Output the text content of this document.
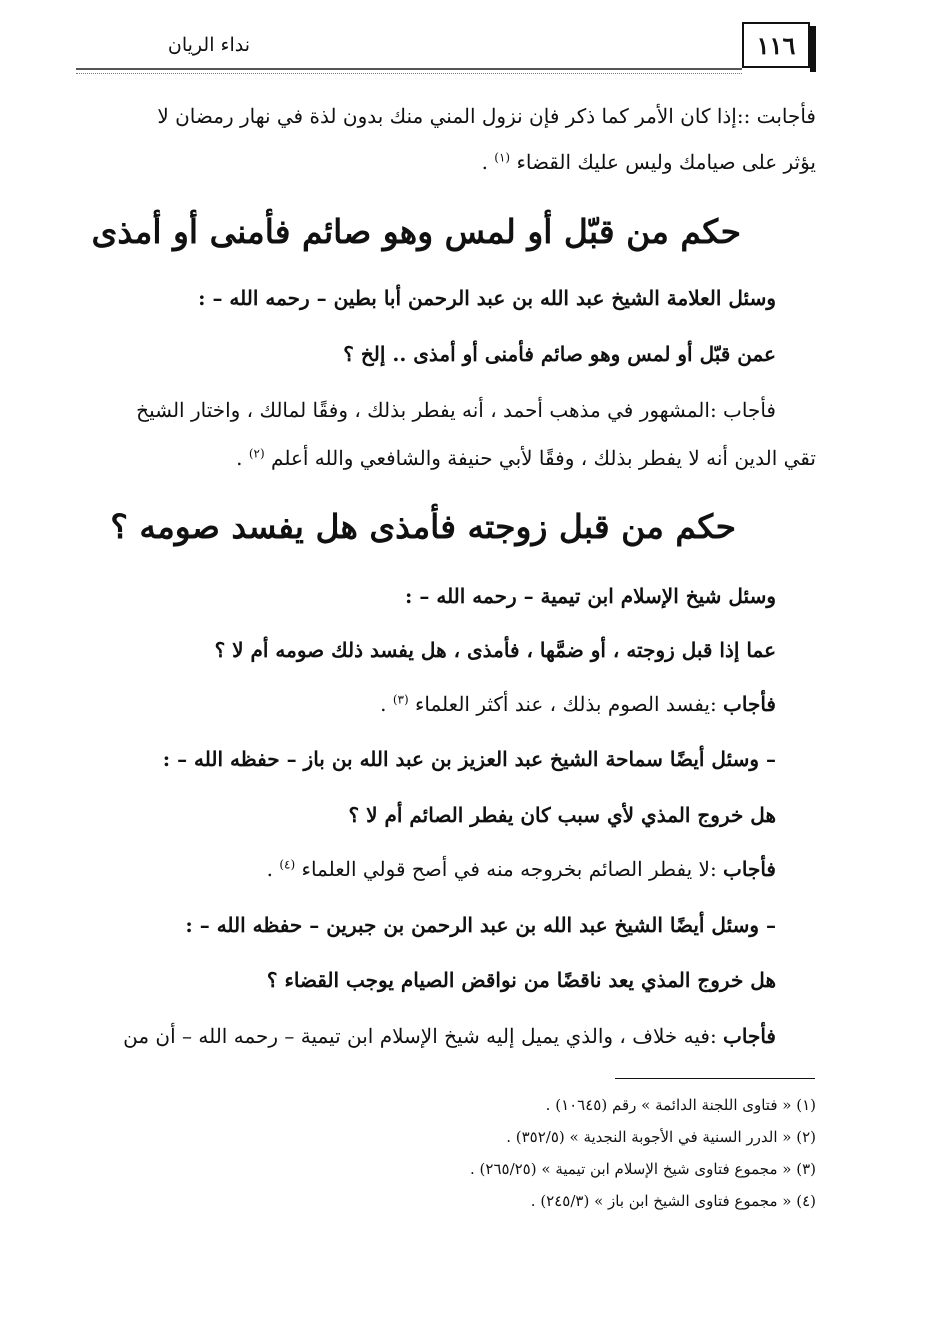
١١٦
نداء الريان
فأجابت ::إذا كان الأمر كما ذكر فإن نزول المني منك بدون لذة في نهار رمضان لا
يؤثر على صيامك وليس عليك القضاء $^{(١)}$ .
حكم من قبّل أو لمس وهو صائم فأمنى أو أمذى
وسئل العلامة الشيخ عبد الله بن عبد الرحمن أبا بطين – رحمه الله – :
عمن قبّل أو لمس وهو صائم فأمنى أو أمذى .. إلخ ؟
فأجاب :المشهور في مذهب أحمد ، أنه يفطر بذلك ، وفقًا لمالك ، واختار الشيخ
تقي الدين أنه لا يفطر بذلك ، وفقًا لأبي حنيفة والشافعي والله أعلم $^{(٢)}$ .
حكم من قبل زوجته فأمذى هل يفسد صومه ؟
وسئل شيخ الإسلام ابن تيمية – رحمه الله – :
عما إذا قبل زوجته ، أو ضمَّها ، فأمذى ، هل يفسد ذلك صومه أم لا ؟
فأجاب :يفسد الصوم بذلك ، عند أكثر العلماء $^{(٣)}$ .
– وسئل أيضًا سماحة الشيخ عبد العزيز بن عبد الله بن باز – حفظه الله – :
هل خروج المذي لأي سبب كان يفطر الصائم أم لا ؟
فأجاب :لا يفطر الصائم بخروجه منه في أصح قولي العلماء $^{(٤)}$ .
– وسئل أيضًا الشيخ عبد الله بن عبد الرحمن بن جبرين – حفظه الله – :
هل خروج المذي يعد ناقضًا من نواقض الصيام يوجب القضاء ؟
فأجاب :فيه خلاف ، والذي يميل إليه شيخ الإسلام ابن تيمية – رحمه الله – أن من
(١) « فتاوى اللجنة الدائمة » رقم (١٠٦٤٥) .
(٢) « الدرر السنية في الأجوبة النجدية » (٣٥٢/٥) .
(٣) « مجموع فتاوى شيخ الإسلام ابن تيمية » (٢٦٥/٢٥) .
(٤) « مجموع فتاوى الشيخ ابن باز » (٢٤٥/٣) .
